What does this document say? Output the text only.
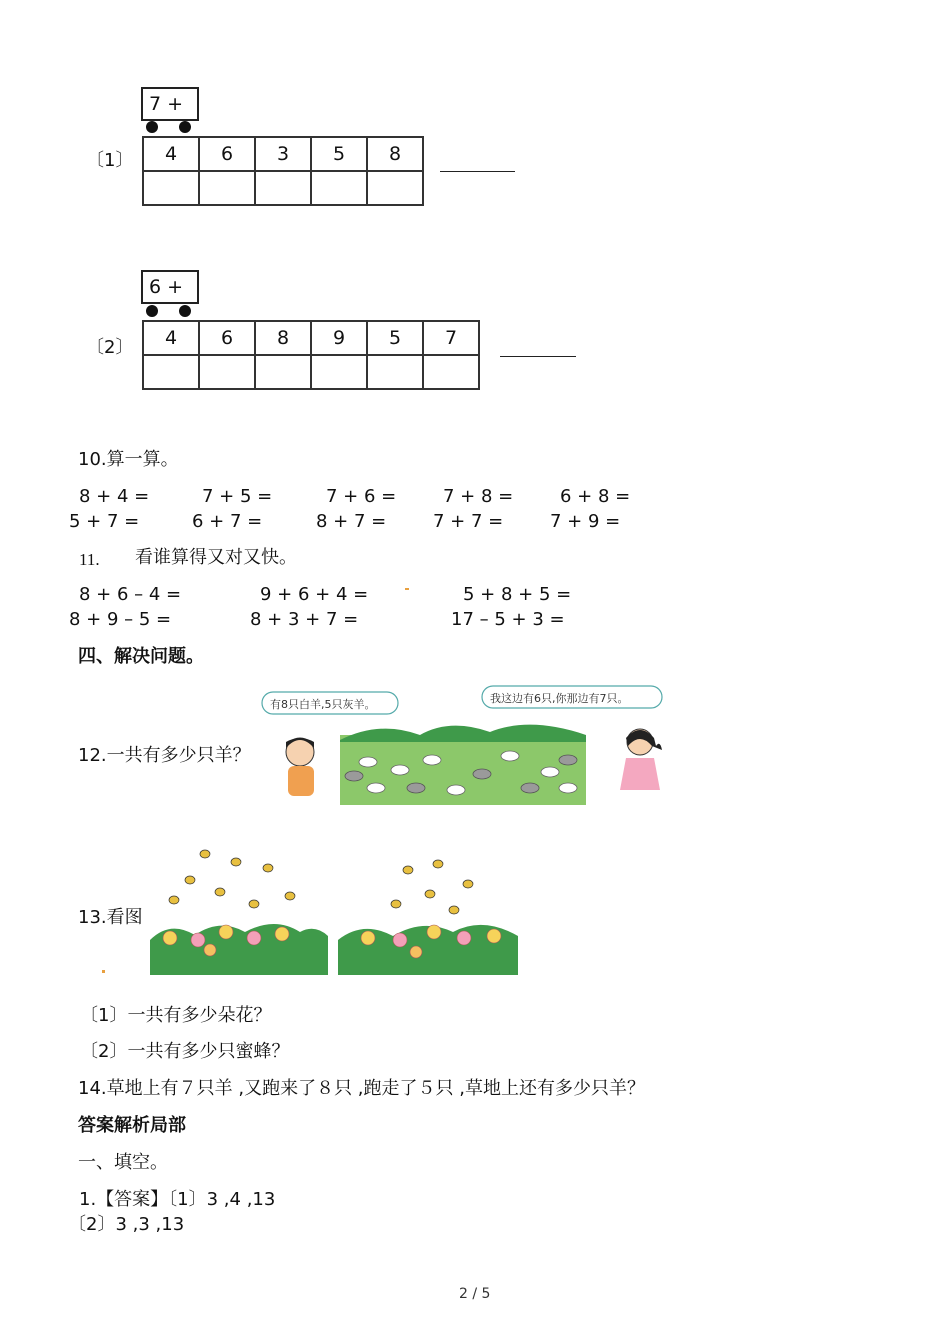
7 +
〔1〕 4	6	3	5	8

6 +
〔2〕 4	6	8	9	5	7

10.算一算。
8 + 4 =	7 + 5 =	7 + 6 =	7 + 8 =	6 + 8 =
5 + 7 =	6 + 7 =	8 + 7 =	7 + 7 =	7 + 9 =
11. 看谁算得又对又快。
8 + 6 – 4 =	9 + 6 + 4 =	5 + 8 + 5 =
8 + 9 – 5 =	8 + 3 + 7 =	17 – 5 + 3 =
四、解决问题。
12.一共有多少只羊？
有8只白羊,5只灰羊。	我这边有6只,你那边有7只。
13.看图
〔1〕一共有多少朵花？
〔2〕一共有多少只蜜蜂？
14.草地上有７只羊 ,又跑来了８只 ,跑走了５只 ,草地上还有多少只羊？
答案解析局部
一、填空。
1.【答案】〔1〕3 ,4 ,13
〔2〕3 ,3 ,13
2 / 5
